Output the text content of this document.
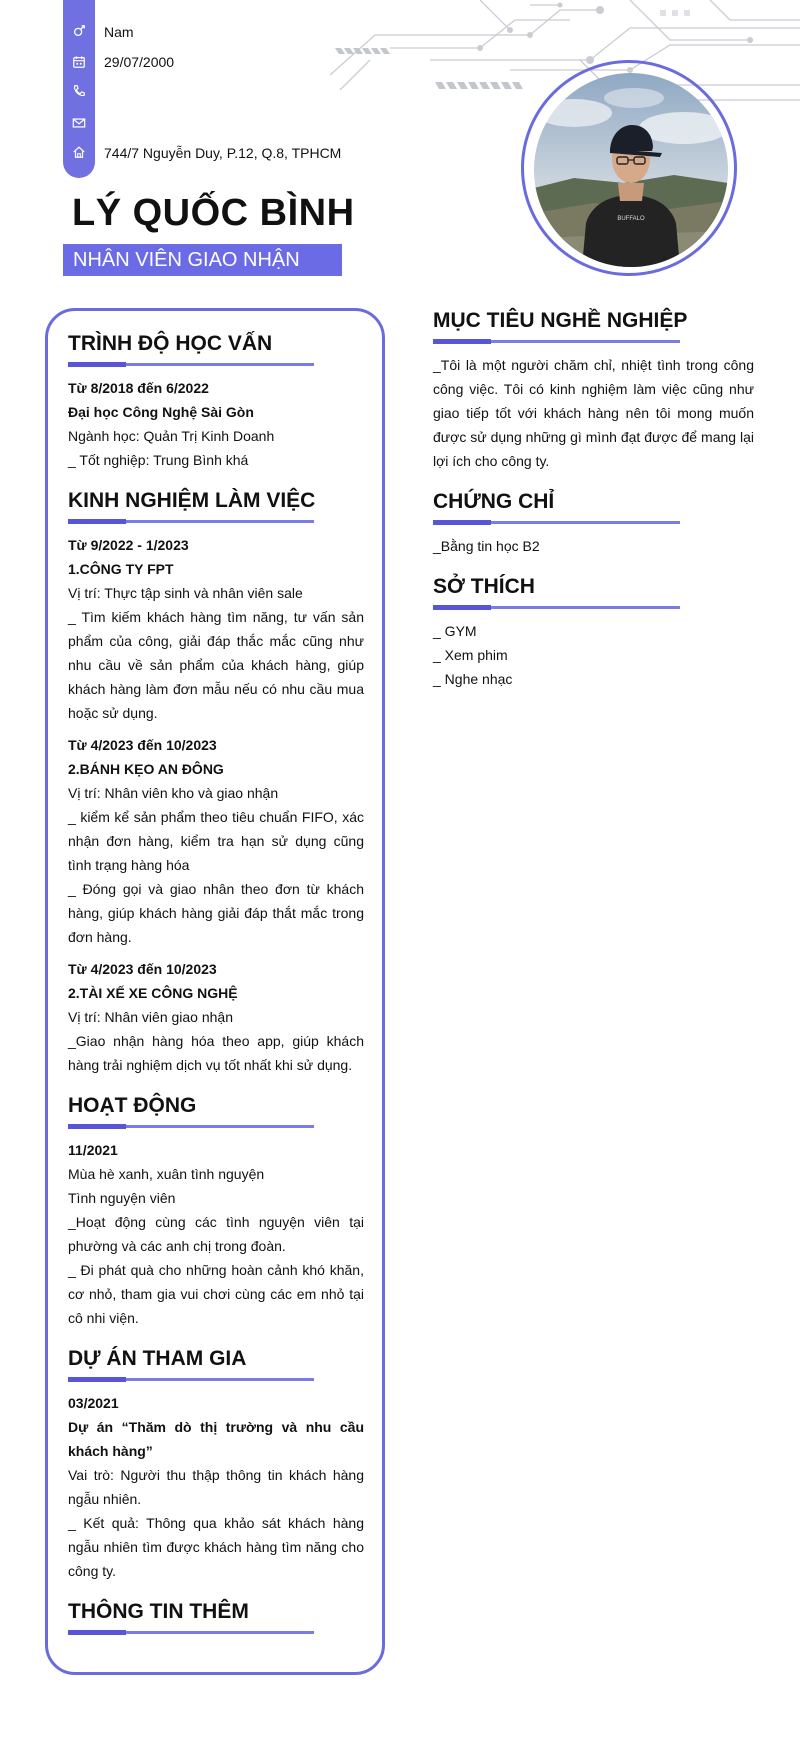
Nam
29/07/2000
744/7 Nguyễn Duy, P.12, Q.8, TPHCM
BUFFALO
LÝ QUỐC BÌNH
NHÂN VIÊN GIAO NHẬN
TRÌNH ĐỘ HỌC VẤN

Từ 8/2018 đến 6/2022

Đại học Công Nghệ Sài Gòn

Ngành học: Quản Trị Kinh Doanh

_ Tốt nghiệp: Trung Bình khá

KINH NGHIỆM LÀM VIỆC

Từ 9/2022 - 1/2023

1.CÔNG TY FPT

Vị trí: Thực tập sinh và nhân viên sale

_ Tìm kiếm khách hàng tìm năng, tư vấn sản phẩm của công, giải đáp thắc mắc cũng như nhu cầu về sản phẩm của khách hàng, giúp khách hàng làm đơn mẫu nếu có nhu cầu mua hoặc sử dụng.

Từ 4/2023 đến 10/2023

2.BÁNH KẸO AN ĐÔNG

Vị trí: Nhân viên kho và giao nhận

_ kiểm kể sản phẩm theo tiêu chuẩn FIFO, xác nhận đơn hàng, kiểm tra hạn sử dụng cũng tình trạng hàng hóa

_ Đóng gọi và giao nhân theo đơn từ khách hàng, giúp khách hàng giải đáp thắt mắc trong đơn hàng.

Từ 4/2023 đến 10/2023

2.TÀI XẾ XE CÔNG NGHỆ

Vị trí: Nhân viên giao nhận

_Giao nhận hàng hóa theo app, giúp khách hàng trải nghiệm dịch vụ tốt nhất khi sử dụng.

HOẠT ĐỘNG

11/2021

Mùa hè xanh, xuân tình nguyện

Tình nguyện viên

_Hoạt động cùng các tình nguyện viên tại phường và các anh chị trong đoàn.

_ Đi phát quà cho những hoàn cảnh khó khăn, cơ nhỏ, tham gia vui chơi cùng các em nhỏ tại cô nhi viện.

DỰ ÁN THAM GIA

03/2021

Dự án “Thăm dò thị trường và nhu cầu khách hàng”

Vai trò: Người thu thập thông tin khách hàng ngẫu nhiên.

_ Kết quả: Thông qua khảo sát khách hàng ngẫu nhiên tìm được khách hàng tìm năng cho công ty.

THÔNG TIN THÊM
MỤC TIÊU NGHỀ NGHIỆP

_Tôi là một người chăm chỉ, nhiệt tình trong công công việc. Tôi có kinh nghiệm làm việc cũng như giao tiếp tốt với khách hàng nên tôi mong muốn được sử dụng những gì mình đạt được để mang lại lợi ích cho công ty.

CHỨNG CHỈ

_Bằng tin học B2

SỞ THÍCH

_ GYM

_ Xem phim

_ Nghe nhạc
